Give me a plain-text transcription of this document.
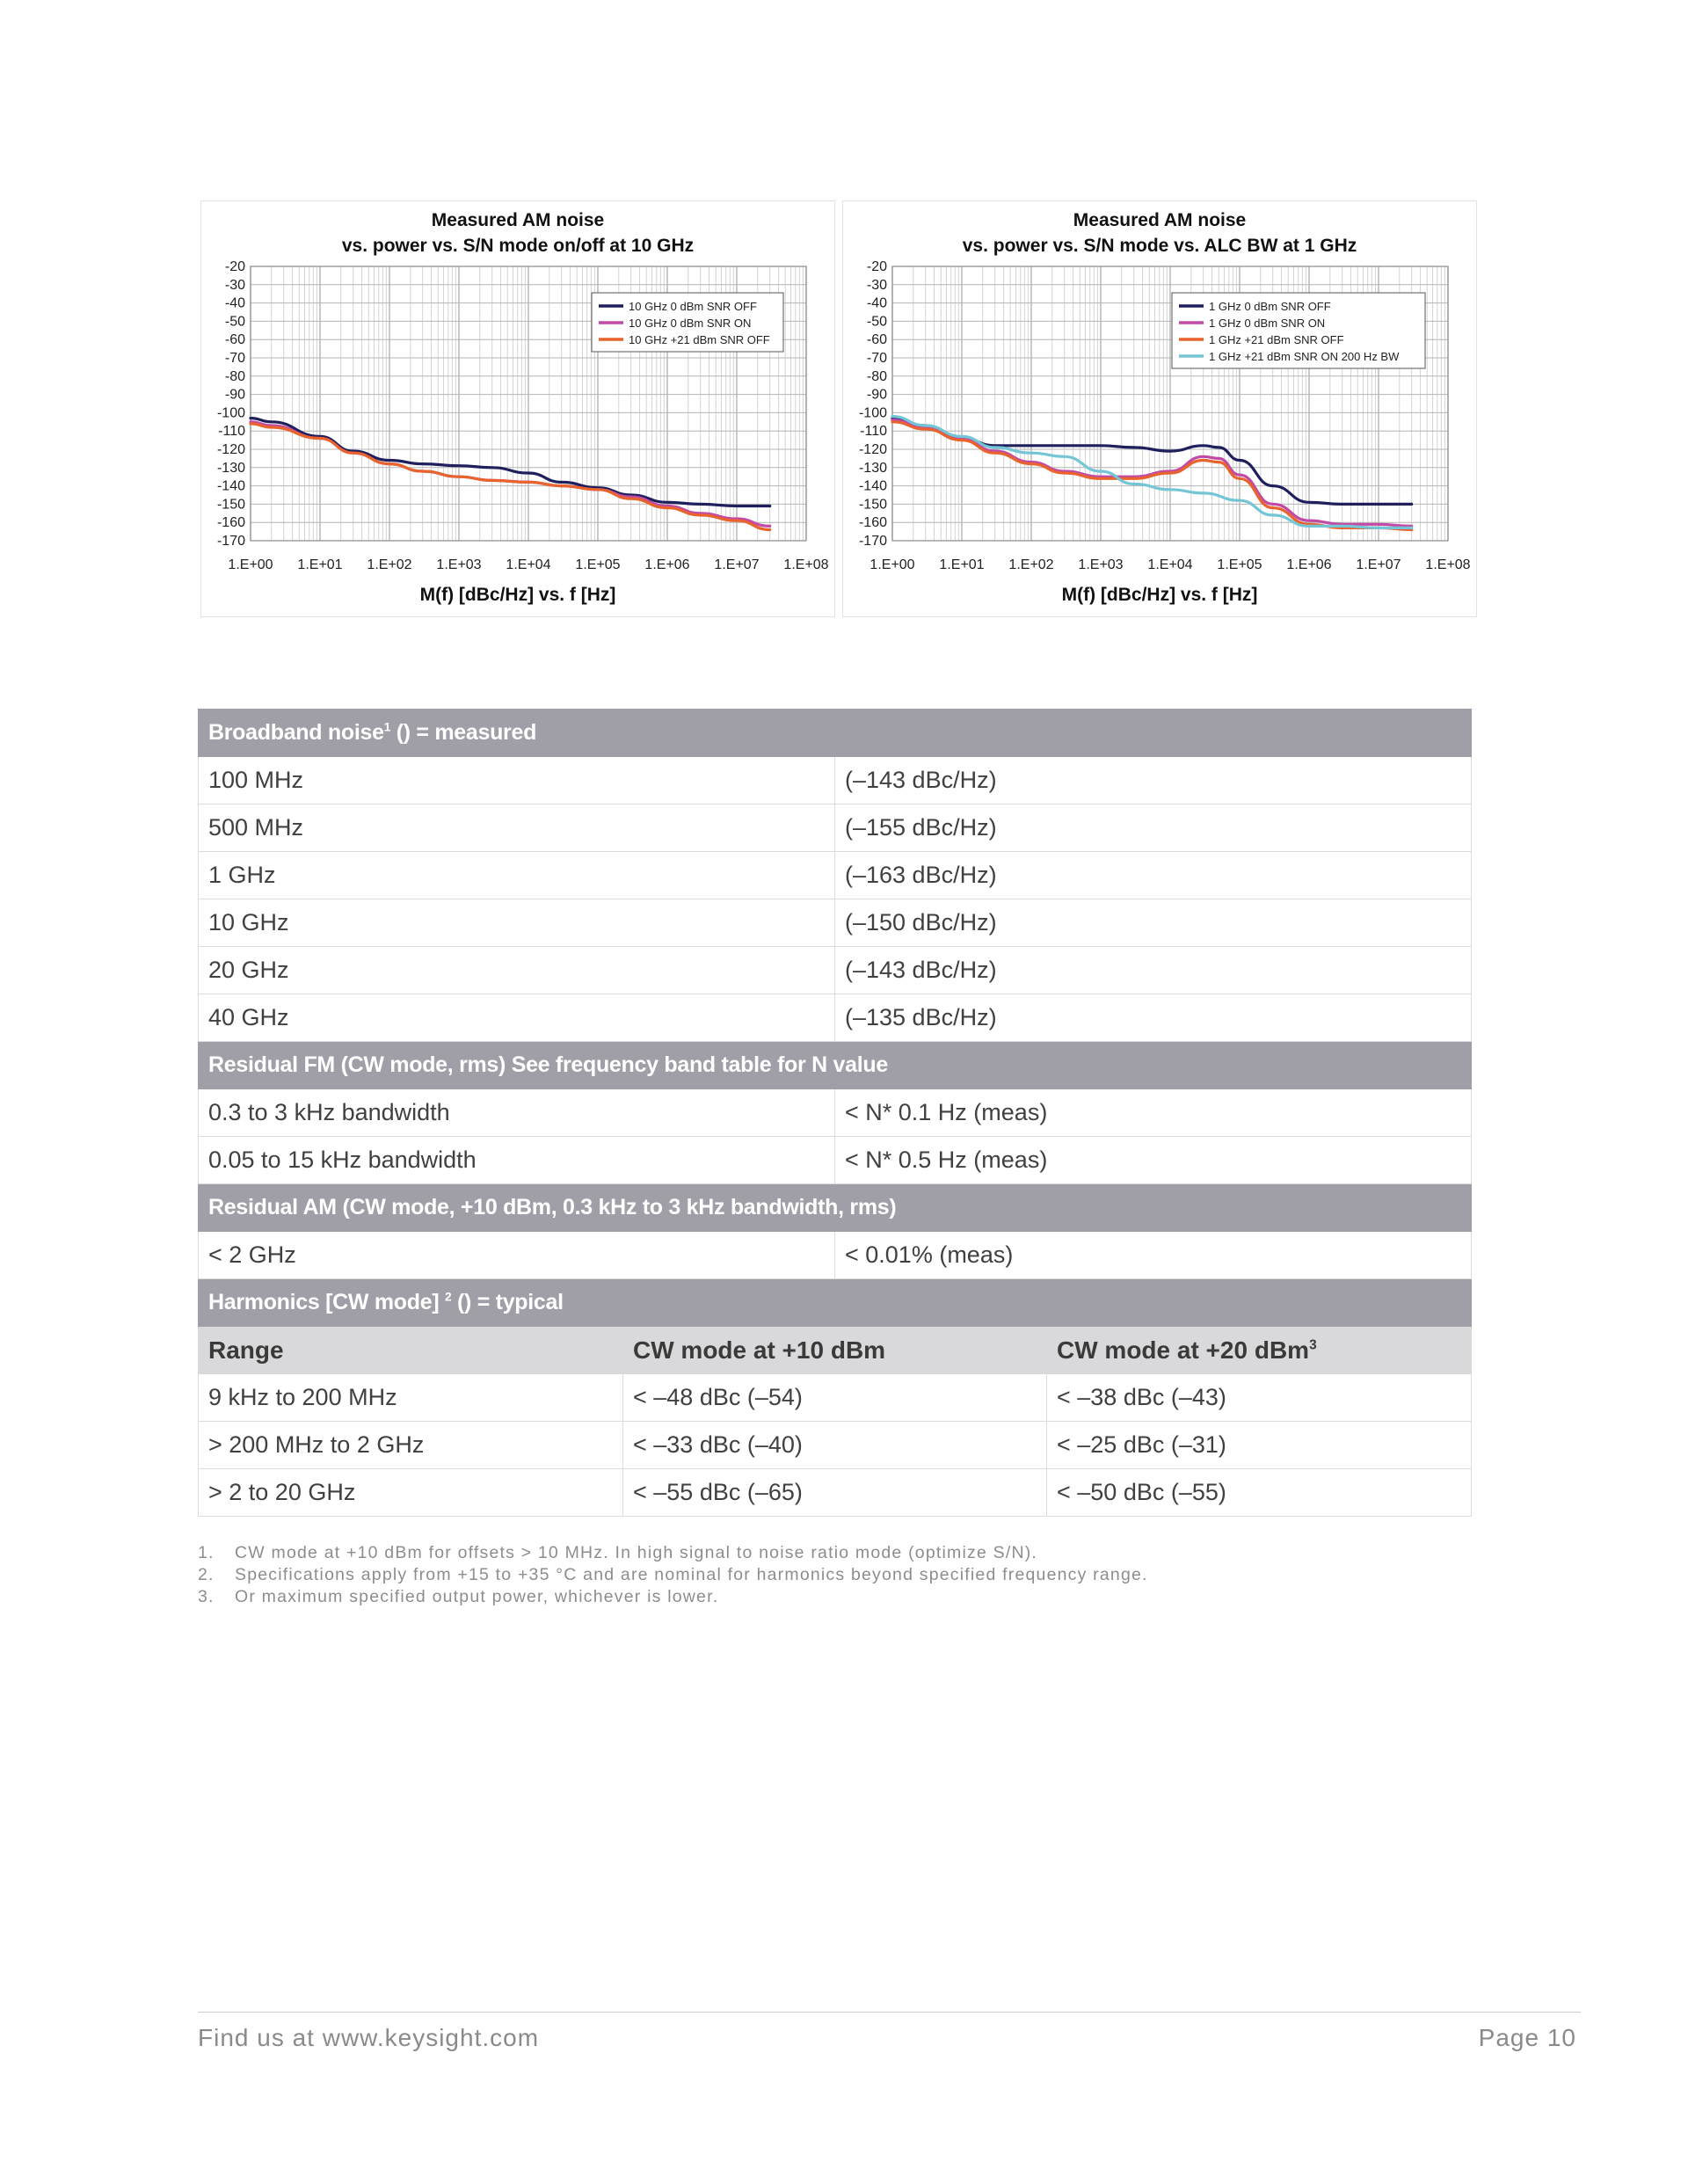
Measured AM noise
vs. power vs. S/N mode on/off at 10 GHz
-20
-30
-40
-50
-60
-70
-80
-90
-100
-110
-120
-130
-140
-150
-160
-170
1.E+00 1.E+01 1.E+02 1.E+03 1.E+04 1.E+05 1.E+06 1.E+07 1.E+08
M(f) [dBc/Hz] vs. f [Hz]
10 GHz 0 dBm SNR OFF
10 GHz 0 dBm SNR ON
10 GHz +21 dBm SNR OFF
Measured AM noise
vs. power vs. S/N mode vs. ALC BW at 1 GHz
-20
-30
-40
-50
-60
-70
-80
-90
-100
-110
-120
-130
-140
-150
-160
-170
1.E+00 1.E+01 1.E+02 1.E+03 1.E+04 1.E+05 1.E+06 1.E+07 1.E+08
M(f) [dBc/Hz] vs. f [Hz]
1 GHz 0 dBm SNR OFF
1 GHz 0 dBm SNR ON
1 GHz +21 dBm SNR OFF
1 GHz +21 dBm SNR ON 200 Hz BW
Broadband noise$^1$ () = measured			
100 MHz		(–143 dBc/Hz)	
500 MHz		(–155 dBc/Hz)	
1 GHz		(–163 dBc/Hz)	
10 GHz		(–150 dBc/Hz)	
20 GHz		(–143 dBc/Hz)	
40 GHz		(–135 dBc/Hz)	
Residual FM (CW mode, rms) See frequency band table for N value			
0.3 to 3 kHz bandwidth		< N* 0.1 Hz (meas)	
0.05 to 15 kHz bandwidth		< N* 0.5 Hz (meas)	
Residual AM (CW mode, +10 dBm, 0.3 kHz to 3 kHz bandwidth, rms)			
< 2 GHz		< 0.01% (meas)	
Harmonics [CW mode] $^2$ () = typical			
Range	CW mode at +10 dBm		CW mode at +20 dBm$^3$
9 kHz to 200 MHz	< –48 dBc (–54)		< –38 dBc (–43)
> 200 MHz to 2 GHz	< –33 dBc (–40)		< –25 dBc (–31)
> 2 to 20 GHz	< –55 dBc (–65)		< –50 dBc (–55)
1.	CW mode at +10 dBm for offsets > 10 MHz. In high signal to noise ratio mode (optimize S/N).
2.	Specifications apply from +15 to +35 °C and are nominal for harmonics beyond specified frequency range.
3.	Or maximum specified output power, whichever is lower.
Find us at www.keysight.com	Page 10
